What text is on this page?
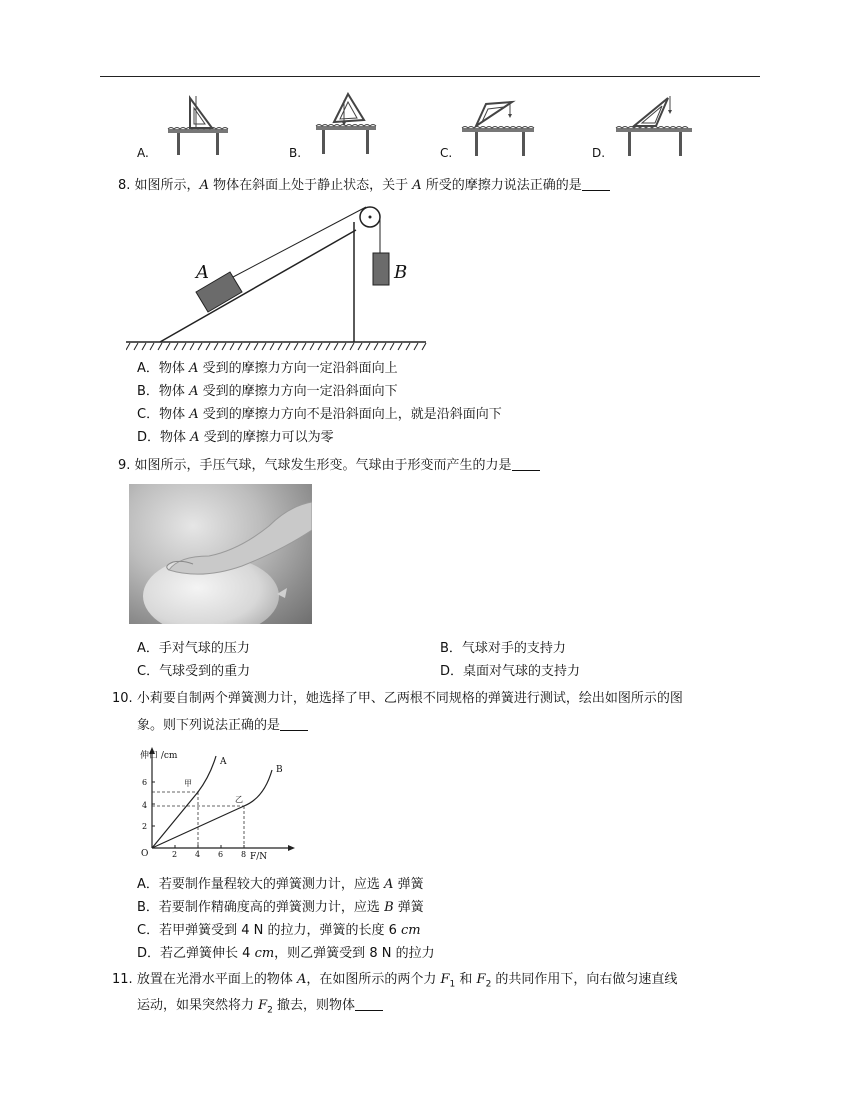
A.	B.	C.	D.
8. 如图所示，A 物体在斜面上处于静止状态，关于 A 所受的摩擦力说法正确的是
A	B
A．物体 A 受到的摩擦力方向一定沿斜面向上
B．物体 A 受到的摩擦力方向一定沿斜面向下
C．物体 A 受到的摩擦力方向不是沿斜面向上，就是沿斜面向下
D．物体 A 受到的摩擦力可以为零
9. 如图所示，手压气球，气球发生形变。气球由于形变而产生的力是
A．手对气球的压力	B．气球对手的支持力
C．气球受到的重力	D．桌面对气球的支持力
10. 小莉要自制两个弹簧测力计，她选择了甲、乙两根不同规格的弹簧进行测试，绘出如图所示的图
象。则下列说法正确的是
伸口 /cm
F/N
O	2 4 6 8
2
4
6
A
B
甲
乙
A．若要制作量程较大的弹簧测力计，应选 A 弹簧
B．若要制作精确度高的弹簧测力计，应选 B 弹簧
C．若甲弹簧受到 4 N 的拉力，弹簧的长度 6 cm
D．若乙弹簧伸长 4 cm，则乙弹簧受到 8 N 的拉力
11. 放置在光滑水平面上的物体 A，在如图所示的两个力 $F_1$ 和 $F_2$ 的共同作用下，向右做匀速直线
运动，如果突然将力 $F_2$ 撤去，则物体
